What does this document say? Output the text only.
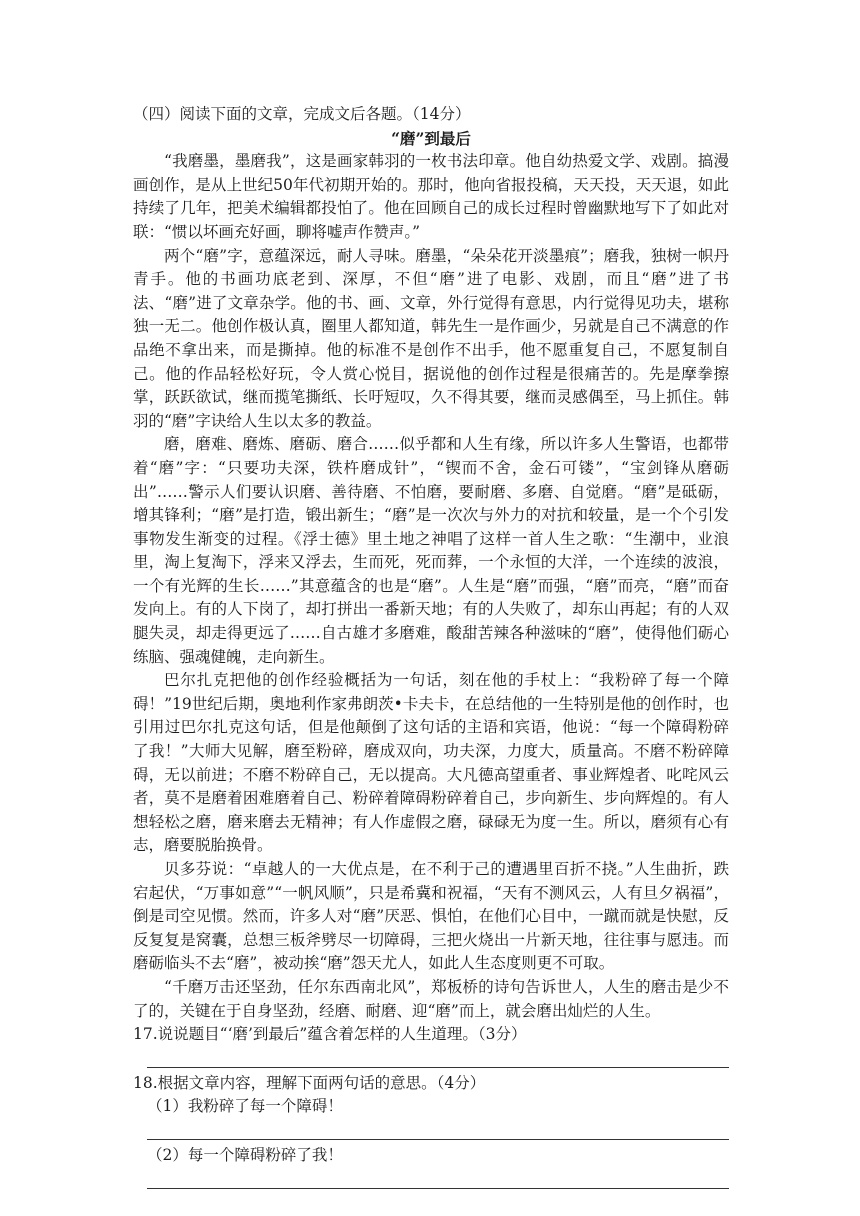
（四）阅读下面的文章，完成文后各题。（14分）

“磨”到最后

“我磨墨，墨磨我”，这是画家韩羽的一枚书法印章。他自幼热爱文学、戏剧。搞漫画创作，是从上世纪50年代初期开始的。那时，他向省报投稿，天天投，天天退，如此持续了几年，把美术编辑都投怕了。他在回顾自己的成长过程时曾幽默地写下了如此对联：“惯以坏画充好画，聊将嘘声作赞声。”

两个“磨”字，意蕴深远，耐人寻味。磨墨，“朵朵花开淡墨痕”；磨我，独树一帜丹青手。他的书画功底老到、深厚，不但“磨”进了电影、戏剧，而且“磨”进了书法、“磨”进了文章杂学。他的书、画、文章，外行觉得有意思，内行觉得见功夫，堪称独一无二。他创作极认真，圈里人都知道，韩先生一是作画少，另就是自己不满意的作品绝不拿出来，而是撕掉。他的标准不是创作不出手，他不愿重复自己，不愿复制自己。他的作品轻松好玩，令人赏心悦目，据说他的创作过程是很痛苦的。先是摩拳擦掌，跃跃欲试，继而揽笔撕纸、长吁短叹，久不得其要，继而灵感偶至，马上抓住。韩羽的“磨”字诀给人生以太多的教益。

磨，磨难、磨炼、磨砺、磨合……似乎都和人生有缘，所以许多人生警语，也都带着“磨”字：“只要功夫深，铁杵磨成针”，“锲而不舍，金石可镂”，“宝剑锋从磨砺出”……警示人们要认识磨、善待磨、不怕磨，要耐磨、多磨、自觉磨。“磨”是砥砺，增其锋利；“磨”是打造，锻出新生；“磨”是一次次与外力的对抗和较量，是一个个引发事物发生渐变的过程。《浮士德》里土地之神唱了这样一首人生之歌：“生潮中，业浪里，淘上复淘下，浮来又浮去，生而死，死而葬，一个永恒的大洋，一个连续的波浪，一个有光辉的生长……”其意蕴含的也是“磨”。人生是“磨”而强，“磨”而亮，“磨”而奋发向上。有的人下岗了，却打拼出一番新天地；有的人失败了，却东山再起；有的人双腿失灵，却走得更远了……自古雄才多磨难，酸甜苦辣各种滋味的“磨”，使得他们砺心练脑、强魂健魄，走向新生。

巴尔扎克把他的创作经验概括为一句话，刻在他的手杖上：“我粉碎了每一个障碍！”19世纪后期，奥地利作家弗朗茨•卡夫卡，在总结他的一生特别是他的创作时，也引用过巴尔扎克这句话，但是他颠倒了这句话的主语和宾语，他说：“每一个障碍粉碎了我！”大师大见解，磨至粉碎，磨成双向，功夫深，力度大，质量高。不磨不粉碎障碍，无以前进；不磨不粉碎自己，无以提高。大凡德高望重者、事业辉煌者、叱咤风云者，莫不是磨着困难磨着自己、粉碎着障碍粉碎着自己，步向新生、步向辉煌的。有人想轻松之磨，磨来磨去无精神；有人作虚假之磨，碌碌无为度一生。所以，磨须有心有志，磨要脱胎换骨。

贝多芬说：“卓越人的一大优点是，在不利于己的遭遇里百折不挠。”人生曲折，跌宕起伏，“万事如意”“一帆风顺”，只是希冀和祝福，“天有不测风云，人有旦夕祸福”，倒是司空见惯。然而，许多人对“磨”厌恶、惧怕，在他们心目中，一蹴而就是快慰，反反复复是窝囊，总想三板斧劈尽一切障碍，三把火烧出一片新天地，往往事与愿违。而磨砺临头不去“磨”，被动挨“磨”怨天尤人，如此人生态度则更不可取。

“千磨万击还坚劲，任尔东西南北风”，郑板桥的诗句告诉世人，人生的磨击是少不了的，关键在于自身坚劲，经磨、耐磨、迎“磨”而上，就会磨出灿烂的人生。

17.说说题目“‘磨’到最后”蕴含着怎样的人生道理。（3分）

18.根据文章内容，理解下面两句话的意思。（4分）

（1）我粉碎了每一个障碍！

（2）每一个障碍粉碎了我！
